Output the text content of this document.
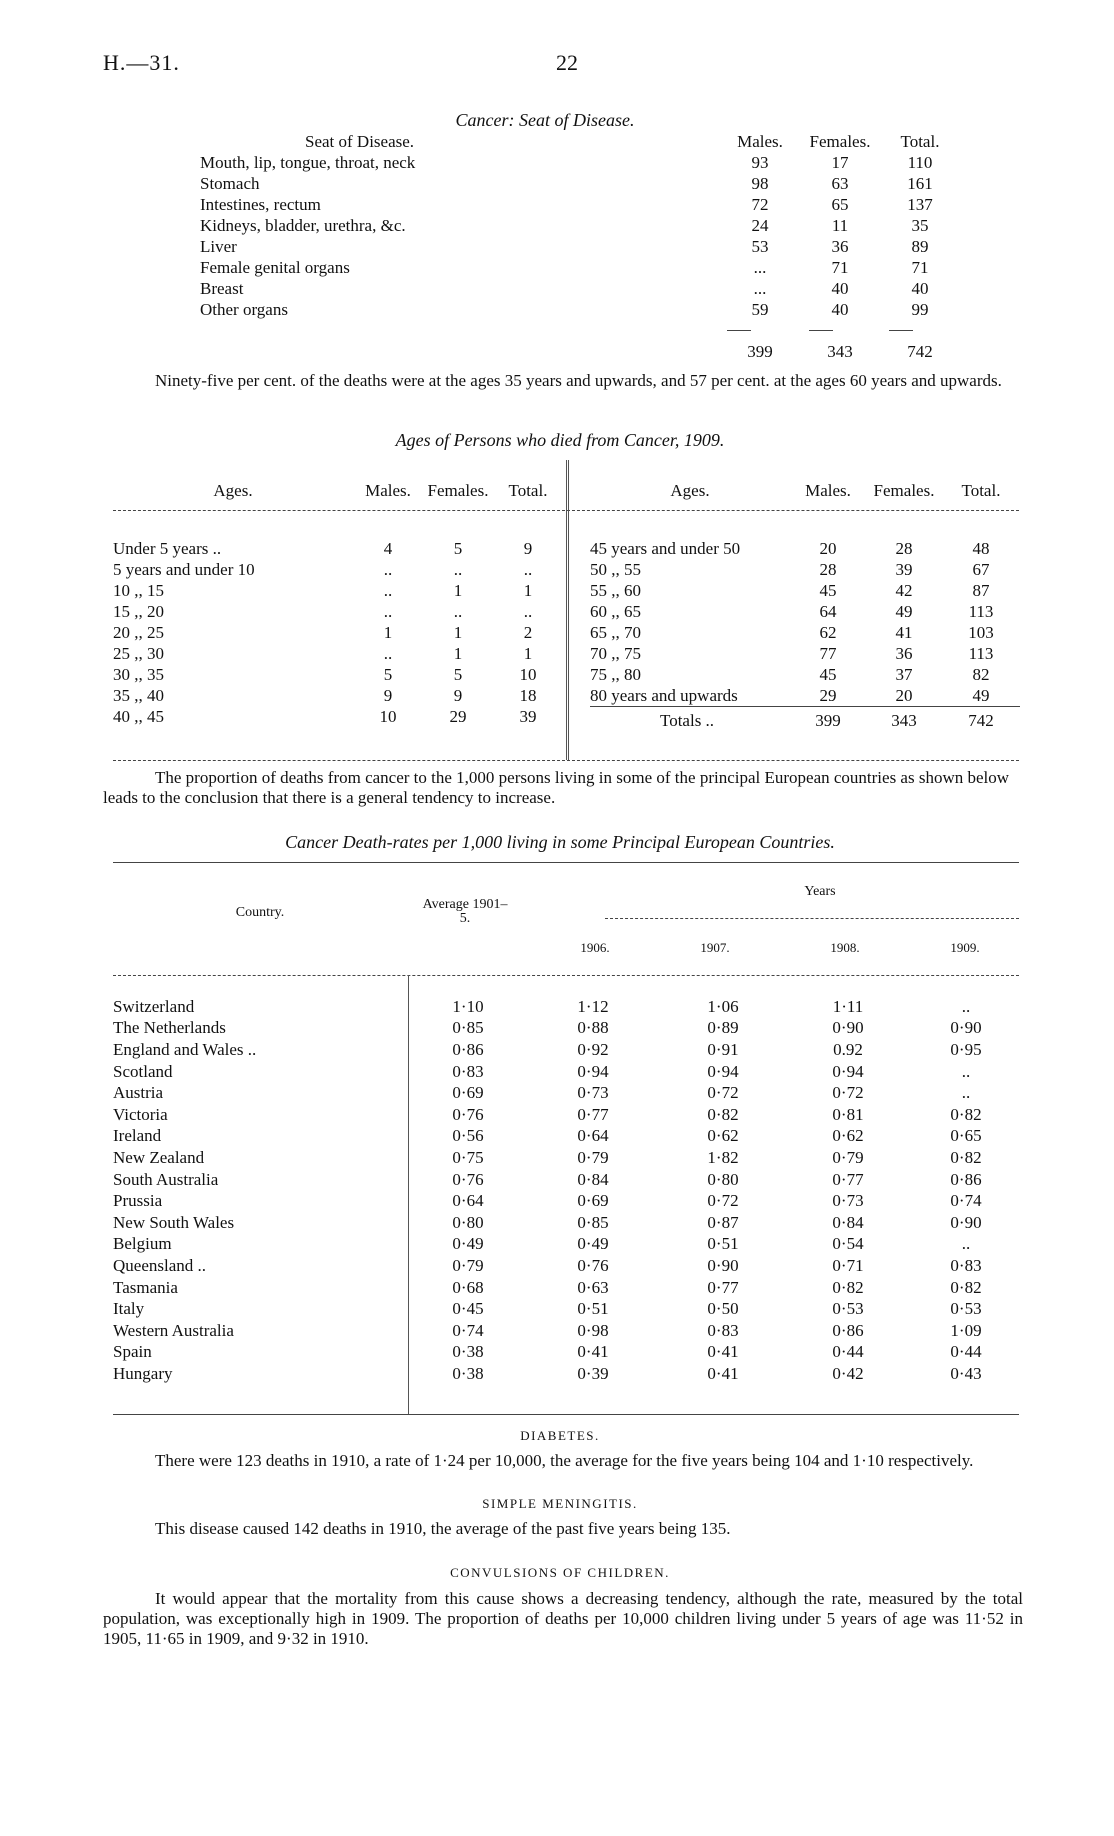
H.—31.	22
Cancer: Seat of Disease.
Seat of Disease.	Males.	Females.	Total.
Mouth, lip, tongue, throat, neck	93	17	110
Stomach	98	63	161
Intestines, rectum	72	65	137
Kidneys, bladder, urethra, &c.	24	11	35
Liver	53	36	89
Female genital organs	...	71	71
Breast	...	40	40
Other organs	59	40	99

	399	343	742
Ninety-five per cent. of the deaths were at the ages 35 years and upwards, and 57 per cent. at the ages 60 years and upwards.
Ages of Persons who died from Cancer, 1909.
Ages.	Males.	Females.	Total.

Under 5 years ..	4	5	9
5 years and under 10	..	..	..
10 ,, 15	..	1	1
15 ,, 20	..	..	..
20 ,, 25	1	1	2
25 ,, 30	..	1	1
30 ,, 35	5	5	10
35 ,, 40	9	9	18
40 ,, 45	10	29	39
Ages.	Males.	Females.	Total.

45 years and under 50	20	28	48
50 ,, 55	28	39	67
55 ,, 60	45	42	87
60 ,, 65	64	49	113
65 ,, 70	62	41	103
70 ,, 75	77	36	113
75 ,, 80	45	37	82
80 years and upwards	29	20	49
Totals ..	399	343	742
The proportion of deaths from cancer to the 1,000 persons living in some of the principal European countries as shown below leads to the conclusion that there is a general tendency to increase.
Cancer Death-rates per 1,000 living in some Principal European Countries.
Country.
Average 1901–5.
Years
1906.	1907.	1908.	1909.
Switzerland	1·10	1·12	1·06	1·11	..
The Netherlands	0·85	0·88	0·89	0·90	0·90
England and Wales ..	0·86	0·92	0·91	0.92	0·95
Scotland	0·83	0·94	0·94	0·94	..
Austria	0·69	0·73	0·72	0·72	..
Victoria	0·76	0·77	0·82	0·81	0·82
Ireland	0·56	0·64	0·62	0·62	0·65
New Zealand	0·75	0·79	1·82	0·79	0·82
South Australia	0·76	0·84	0·80	0·77	0·86
Prussia	0·64	0·69	0·72	0·73	0·74
New South Wales	0·80	0·85	0·87	0·84	0·90
Belgium	0·49	0·49	0·51	0·54	..
Queensland ..	0·79	0·76	0·90	0·71	0·83
Tasmania	0·68	0·63	0·77	0·82	0·82
Italy	0·45	0·51	0·50	0·53	0·53
Western Australia	0·74	0·98	0·83	0·86	1·09
Spain	0·38	0·41	0·41	0·44	0·44
Hungary	0·38	0·39	0·41	0·42	0·43
DIABETES.
There were 123 deaths in 1910, a rate of 1·24 per 10,000, the average for the five years being 104 and 1·10 respectively.
SIMPLE MENINGITIS.
This disease caused 142 deaths in 1910, the average of the past five years being 135.
CONVULSIONS OF CHILDREN.
It would appear that the mortality from this cause shows a decreasing tendency, although the rate, measured by the total population, was exceptionally high in 1909. The proportion of deaths per 10,000 children living under 5 years of age was 11·52 in 1905, 11·65 in 1909, and 9·32 in 1910.
